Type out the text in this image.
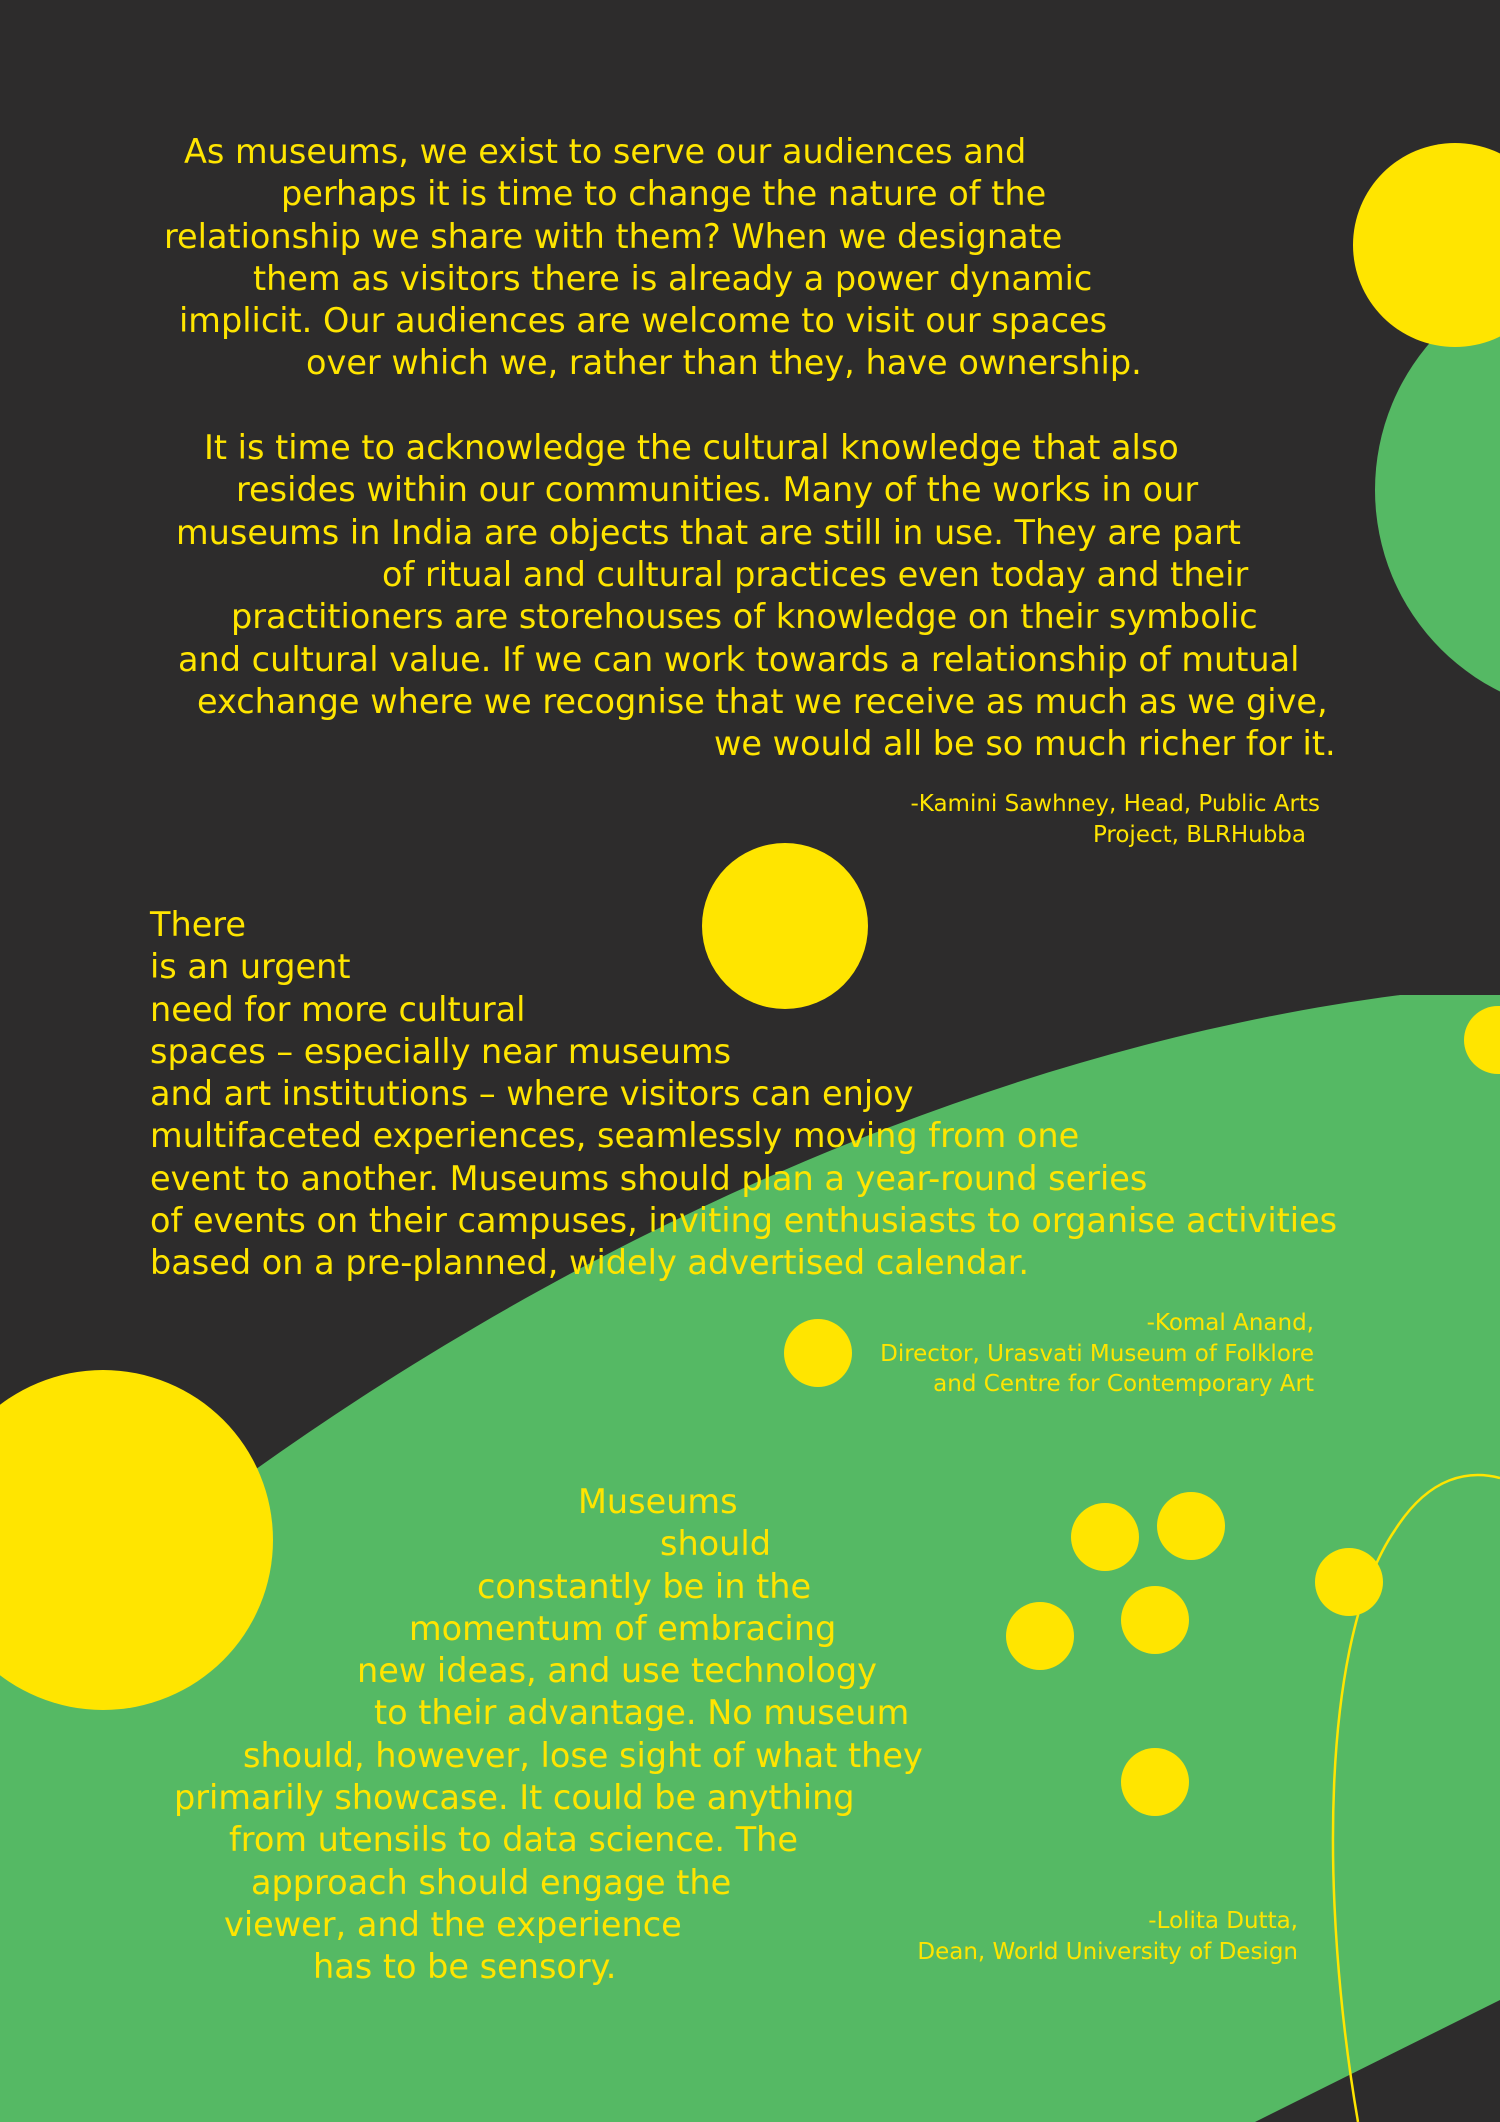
As museums, we exist to serve our audiences and
perhaps it is time to change the nature of the
relationship we share with them? When we designate
them as visitors there is already a power dynamic
implicit. Our audiences are welcome to visit our spaces
over which we, rather than they, have ownership.

It is time to acknowledge the cultural knowledge that also
resides within our communities. Many of the works in our
museums in India are objects that are still in use. They are part
of ritual and cultural practices even today and their
practitioners are storehouses of knowledge on their symbolic
and cultural value. If we can work towards a relationship of mutual
exchange where we recognise that we receive as much as we give,
we would all be so much richer for it.
-Kamini Sawhney, Head, Public Arts
Project, BLRHubba
There
is an urgent
need for more cultural
spaces – especially near museums
and art institutions – where visitors can enjoy
multifaceted experiences, seamlessly moving from one
event to another. Museums should plan a year-round series
of events on their campuses, inviting enthusiasts to organise activities
based on a pre-planned, widely advertised calendar.
-Komal Anand,
Director, Urasvati Museum of Folklore
and Centre for Contemporary Art
Museums
should
constantly be in the
momentum of embracing
new ideas, and use technology
to their advantage. No museum
should, however, lose sight of what they
primarily showcase. It could be anything
from utensils to data science. The
approach should engage the
viewer, and the experience
has to be sensory.
-Lolita Dutta,
Dean, World University of Design
